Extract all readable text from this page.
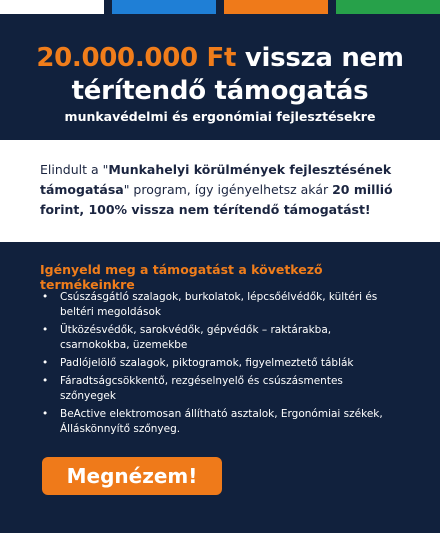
20.000.000 Ft vissza nem térítendő támogatás
munkavédelmi és ergonómiai fejlesztésekre

Elindult a "Munkahelyi körülmények fejlesztésének támogatása" program, így igényelhetsz akár 20 millió forint, 100% vissza nem térítendő támogatást!

Igényeld meg a támogatást a következő termékeinkre
• Csúszásgátló szalagok, burkolatok, lépcsőélvédők, kültéri és beltéri megoldások
• Ütközésvédők, sarokvédők, gépvédők – raktárakba, csarnokokba, üzemekbe
• Padlójelölő szalagok, piktogramok, figyelmeztető táblák
• Fáradtságcsökkentő, rezgéselnyelő és csúszásmentes szőnyegek
• BeActive elektromosan állítható asztalok, Ergonómiai székek, Álláskönnyítő szőnyeg.
Megnézem!
